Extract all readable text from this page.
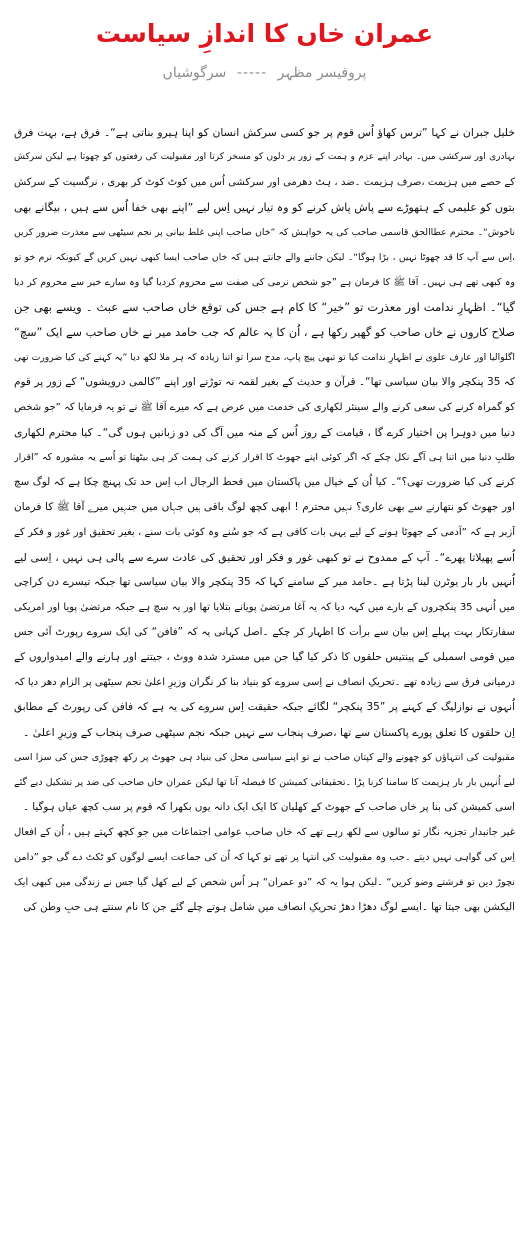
عمران خاں کا اندازِ سیاست
پروفیسر مظہر ----- سرگوشیاں
خلیل جبران نے کہا ”ترس کھاؤ اُس قوم پر جو کسی سرکش انسان کو اپنا ہیرو بناتی ہے“۔ فرق ہے، بہت فرق
بہادری اور سرکشی میں۔ بہادر اپنے عزم و ہمت کے زور پر دلوں کو مسخر کرتا اور مقبولیت کی رفعتوں کو چھوتا ہے لیکن سرکش
کے حصے میں ہزیمت ،صرف ہزیمت ۔ضد ، ہٹ دھرمی اور سرکشی اُس میں کوٹ کوٹ کر بھری ، نرگسیت کے سرکش
بتوں کو علیمی کے ہتھوڑے سے پاش پاش کرنے کو وہ تیار نہیں اِس لیے ”اپنے بھی خفا اُس سے ہیں ، بیگانے بھی
ناخوش“۔ محترم عطاالحق قاسمی صاحب کی یہ خواہش کہ ”خاں صاحب اپنی غلط بیانی پر نجم سیٹھی سے معذرت ضرور کریں
،اِس سے آپ کا قد چھوٹا نہیں ، بڑا ہوگا“۔ لیکن جاننے والے جانتے ہیں کہ خاں صاحب ایسا کبھی نہیں کریں گے کیونکہ نرم خو تو
وہ کبھی تھے ہی نہیں۔ آقا ﷺ کا فرمان ہے ”جو شخص نرمی کی صفت سے محروم کردیا گیا وہ سارے خیر سے محروم کر دیا
گیا“۔ اظہارِ ندامت اور معذرت تو ”خیر“ کا کام ہے جس کی توقع خاں صاحب سے عبث ۔ ویسے بھی جن
صلاح کاروں نے خاں صاحب کو گھیر رکھا ہے ، اُن کا یہ عالم کہ جب حامد میر نے خاں صاحب سے ایک ”سچ“
اگلوالیا اور عارف علوی نے اظہارِ ندامت کیا تو تبھی پیچ پاپ، مدح سرا تو اتنا زیادہ کہ ہر ملا لکھ دیا ”یہ کہنے کی کیا ضرورت تھی
کہ 35 پنکچر والا بیان سیاسی تھا“۔ قرآن و حدیث کے بغیر لقمہ نہ توڑنے اور اپنے ”کالمی درویشوں“ کے زور پر قوم
کو گمراہ کرنے کی سعی کرنے والے سینئر لکھاری کی خدمت میں عرض ہے کہ میرے آقا ﷺ نے تو یہ فرمایا کہ ”جو شخص
دنیا میں دوہرا پن اختیار کرے گا ، قیامت کے روز اُس کے منہ میں آگ کی دو زبانیں ہوں گی“۔ کیا محترم لکھاری
طلبِ دنیا میں اتنا ہی آگے نکل چکے کہ اگر کوئی اپنے جھوٹ کا اقرار کرنے کی ہمت کر ہی بیٹھتا تو اُسے یہ مشورہ کہ ”اقرار
کرنے کی کیا ضرورت تھی؟“۔ کیا اُن کے خیال میں پاکستان میں قحط الرجال اب اِس حد تک پہنچ چکا ہے کہ لوگ سچ
اور جھوٹ کو نتھارنے سے بھی عاری؟ نہیں محترم ! ابھی کچھ لوگ باقی ہیں جہاں میں جنہیں میرے آقا ﷺ کا فرمان
اَزبر ہے کہ ”آدمی کے جھوٹا ہونے کے لیے یہی بات کافی ہے کہ جو سُنے وہ کوئی بات سنے ، بغیر تحقیق اور غور و فکر کے
اُسے پھیلاتا پھرے“۔ آپ کے ممدوح نے تو کبھی غور و فکر اور تحقیق کی عادت سرے سے پالی ہی نہیں ، اِسی لیے
اُنہیں بار بار یوٹرن لینا پڑتا ہے ۔حامد میر کے سامنے کہا کہ 35 پنکچر والا بیان سیاسی تھا جبکہ تیسرے دن کراچی
میں اُنہی 35 پنکچروں کے بارے میں کہہ دیا کہ یہ آغا مرتضیٰ پویانے بتلایا تھا اور یہ سچ ہے جبکہ مرتضیٰ پویا اور امریکی
سفارتکار بہت پہلے اِس بیان سے برأت کا اظہار کر چکے ۔اصل کہانی یہ کہ ”فافن“ کی ایک سروے رپورٹ آئی جس
میں قومی اسمبلی کے پینتیس حلقوں کا ذکر کیا گیا جن میں مسترد شدہ ووٹ ، جیتنے اور ہارنے والے امیدواروں کے
درمیانی فرق سے زیادہ تھے ۔تحریکِ انصاف نے اِسی سروے کو بنیاد بنا کر نگران وزیرِ اعلیٰ نجم سیٹھی پر الزام دھر دیا کہ
اُنہوں نے نوازلیگ کے کہنے پر ”35 پنکچر“ لگائے جبکہ حقیقت اِس سروے کی یہ ہے کہ فافن کی رپورٹ کے مطابق
اِن حلقوں کا تعلق پورے پاکستان سے تھا ،صرف پنجاب سے نہیں جبکہ نجم سیٹھی صرف پنجاب کے وزیرِ اعلیٰ ۔
مقبولیت کی انتہاؤں کو چھونے والے کپتان صاحب نے تو اپنے سیاسی محل کی بنیاد ہی جھوٹ پر رکھ چھوڑی جس کی سزا اسی
لیے اُنہیں بار بار ہزیمت کا سامنا کرنا پڑا ۔تحقیقاتی کمیشن کا فیصلہ آنا تھا لیکن عمران خاں صاحب کی ضد پر تشکیل دیے گئے
اسی کمیشن کی بنا پر خاں صاحب کے جھوٹ کے کھلیان کا ایک ایک دانہ یوں بکھرا کہ قوم پر سب کچھ عیاں ہوگیا ۔
غیر جانبدار تجزیہ نگار تو سالوں سے لکھ رہے تھے کہ خاں صاحب عوامی اجتماعات میں جو کچھ کہتے ہیں ، اُن کے افعال
اِس کی گواہی نہیں دیتے ۔جب وہ مقبولیت کی انتہا پر تھے تو کہا کہ اُن کی جماعت ایسے لوگوں کو ٹکٹ دے گی جو ”دامن
نچوڑ دیں تو فرشتے وضو کریں“ ۔لیکن ہوا یہ کہ ”دو عمران“ ہر اُس شخص کے لیے کھل گیا جس نے زندگی میں کبھی ایک
الیکشن بھی جیتا تھا ۔ایسے لوگ دھڑا دھڑ تحریکِ انصاف میں شامل ہوتے چلے گئے جن کا نام سنتے ہی حبِ وطن کی
